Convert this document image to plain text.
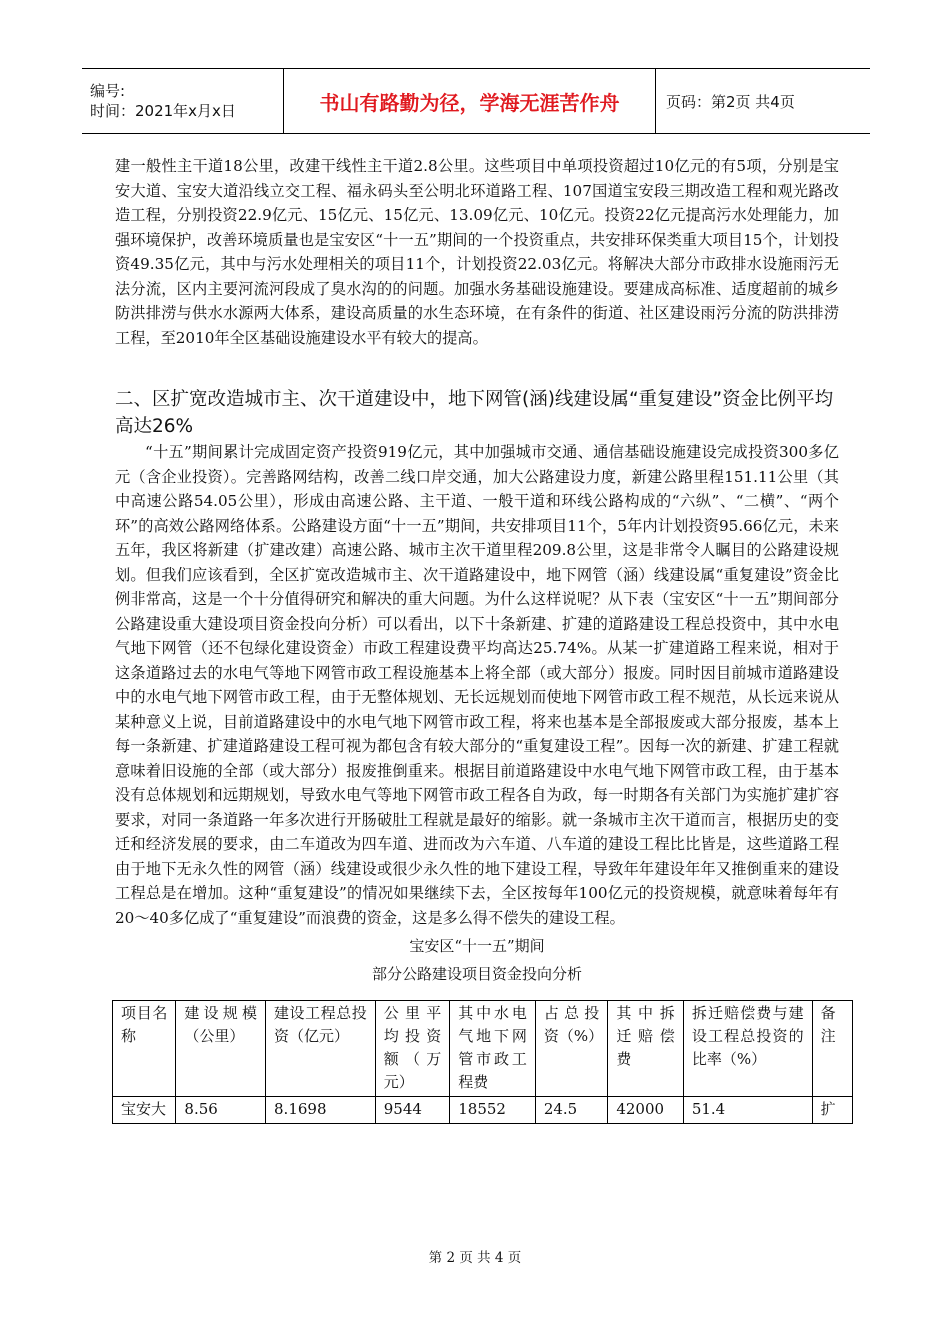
编号:
时间：2021年x月x日	书山有路勤为径，学海无涯苦作舟	页码：第2页 共4页

建一般性主干道18公里，改建干线性主干道2.8公里。这些项目中单项投资超过10亿元的有5项，分别是宝安大道、宝安大道沿线立交工程、福永码头至公明北环道路工程、107国道宝安段三期改造工程和观光路改造工程，分别投资22.9亿元、15亿元、15亿元、13.09亿元、10亿元。投资22亿元提高污水处理能力，加强环境保护，改善环境质量也是宝安区“十一五”期间的一个投资重点，共安排环保类重大项目15个，计划投资49.35亿元，其中与污水处理相关的项目11个，计划投资22.03亿元。将解决大部分市政排水设施雨污无法分流，区内主要河流河段成了臭水沟的的问题。加强水务基础设施建设。要建成高标准、适度超前的城乡防洪排涝与供水水源两大体系，建设高质量的水生态环境，在有条件的街道、社区建设雨污分流的防洪排涝工程，至2010年全区基础设施建设水平有较大的提高。

二、区扩宽改造城市主、次干道建设中，地下网管(涵)线建设属“重复建设”资金比例平均高达26%

“十五”期间累计完成固定资产投资919亿元，其中加强城市交通、通信基础设施建设完成投资300多亿元（含企业投资）。完善路网结构，改善二线口岸交通，加大公路建设力度，新建公路里程151.11公里（其中高速公路54.05公里），形成由高速公路、主干道、一般干道和环线公路构成的“六纵”、“二横”、“两个环”的高效公路网络体系。公路建设方面“十一五”期间，共安排项目11个，5年内计划投资95.66亿元，未来五年，我区将新建（扩建改建）高速公路、城市主次干道里程209.8公里，这是非常令人瞩目的公路建设规划。但我们应该看到，全区扩宽改造城市主、次干道路建设中，地下网管（涵）线建设属“重复建设”资金比例非常高，这是一个十分值得研究和解决的重大问题。为什么这样说呢？从下表（宝安区“十一五”期间部分公路建设重大建设项目资金投向分析）可以看出，以下十条新建、扩建的道路建设工程总投资中，其中水电气地下网管（还不包绿化建设资金）市政工程建设费平均高达25.74%。从某一扩建道路工程来说，相对于这条道路过去的水电气等地下网管市政工程设施基本上将全部（或大部分）报废。同时因目前城市道路建设中的水电气地下网管市政工程，由于无整体规划、无长远规划而使地下网管市政工程不规范，从长远来说从某种意义上说，目前道路建设中的水电气地下网管市政工程，将来也基本是全部报废或大部分报废，基本上每一条新建、扩建道路建设工程可视为都包含有较大部分的“重复建设工程”。因每一次的新建、扩建工程就意味着旧设施的全部（或大部分）报废推倒重来。根据目前道路建设中水电气地下网管市政工程，由于基本没有总体规划和远期规划，导致水电气等地下网管市政工程各自为政，每一时期各有关部门为实施扩建扩容要求，对同一条道路一年多次进行开肠破肚工程就是最好的缩影。就一条城市主次干道而言，根据历史的变迁和经济发展的要求，由二车道改为四车道、进而改为六车道、八车道的建设工程比比皆是，这些道路工程由于地下无永久性的网管（涵）线建设或很少永久性的地下建设工程，导致年年建设年年又推倒重来的建设工程总是在增加。这种“重复建设”的情况如果继续下去，全区按每年100亿元的投资规模，就意味着每年有20～40多亿成了“重复建设”而浪费的资金，这是多么得不偿失的建设工程。

宝安区“十一五”期间

部分公路建设项目资金投向分析

项目名称	建设规模（公里）	建设工程总投资（亿元）	公里平均投资额（万元）	其中水电气地下网管市政工程费	占总投资（%）	其中拆迁赔偿费	拆迁赔偿费与建设工程总投资的比率（%）	备注
宝安大	8.56	8.1698	9544	18552	24.5	42000	51.4	扩
第 2 页 共 4 页
